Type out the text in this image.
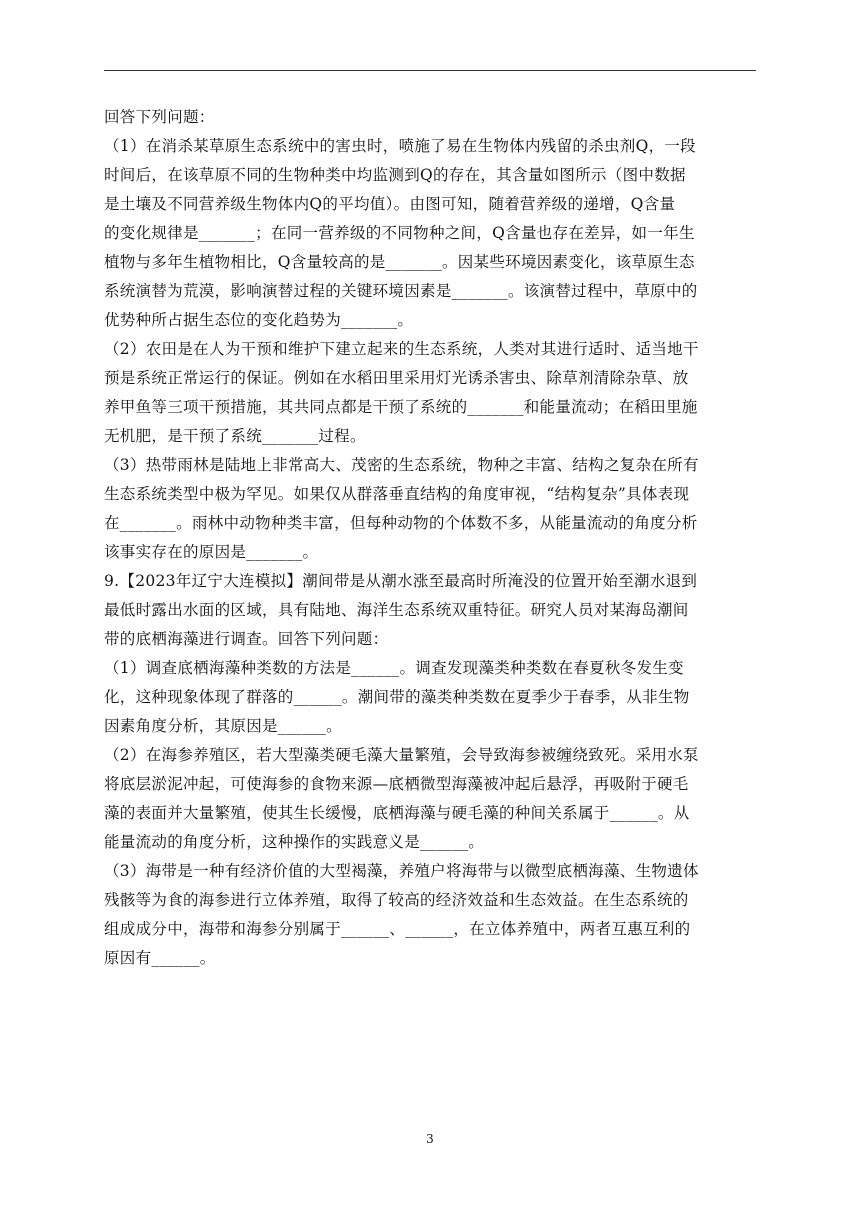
回答下列问题：
（1）在消杀某草原生态系统中的害虫时，喷施了易在生物体内残留的杀虫剂Q，一段
时间后，在该草原不同的生物种类中均监测到Q的存在，其含量如图所示（图中数据
是土壤及不同营养级生物体内Q的平均值）。由图可知，随着营养级的递增，Q含量
的变化规律是_______；在同一营养级的不同物种之间，Q含量也存在差异，如一年生
植物与多年生植物相比，Q含量较高的是_______。因某些环境因素变化，该草原生态
系统演替为荒漠，影响演替过程的关键环境因素是_______。该演替过程中，草原中的
优势种所占据生态位的变化趋势为_______。
（2）农田是在人为干预和维护下建立起来的生态系统，人类对其进行适时、适当地干
预是系统正常运行的保证。例如在水稻田里采用灯光诱杀害虫、除草剂清除杂草、放
养甲鱼等三项干预措施，其共同点都是干预了系统的_______和能量流动；在稻田里施
无机肥，是干预了系统_______过程。
（3）热带雨林是陆地上非常高大、茂密的生态系统，物种之丰富、结构之复杂在所有
生态系统类型中极为罕见。如果仅从群落垂直结构的角度审视，“结构复杂”具体表现
在_______。雨林中动物种类丰富，但每种动物的个体数不多，从能量流动的角度分析
该事实存在的原因是_______。
9.【2023年辽宁大连模拟】潮间带是从潮水涨至最高时所淹没的位置开始至潮水退到
最低时露出水面的区域，具有陆地、海洋生态系统双重特征。研究人员对某海岛潮间
带的底栖海藻进行调查。回答下列问题：
（1）调查底栖海藻种类数的方法是______。调查发现藻类种类数在春夏秋冬发生变
化，这种现象体现了群落的______。潮间带的藻类种类数在夏季少于春季，从非生物
因素角度分析，其原因是______。
（2）在海参养殖区，若大型藻类硬毛藻大量繁殖，会导致海参被缠绕致死。采用水泵
将底层淤泥冲起，可使海参的食物来源—底栖微型海藻被冲起后悬浮，再吸附于硬毛
藻的表面并大量繁殖，使其生长缓慢，底栖海藻与硬毛藻的种间关系属于______。从
能量流动的角度分析，这种操作的实践意义是______。
（3）海带是一种有经济价值的大型褐藻，养殖户将海带与以微型底栖海藻、生物遗体
残骸等为食的海参进行立体养殖，取得了较高的经济效益和生态效益。在生态系统的
组成成分中，海带和海参分别属于______、______，在立体养殖中，两者互惠互利的
原因有______。
3
